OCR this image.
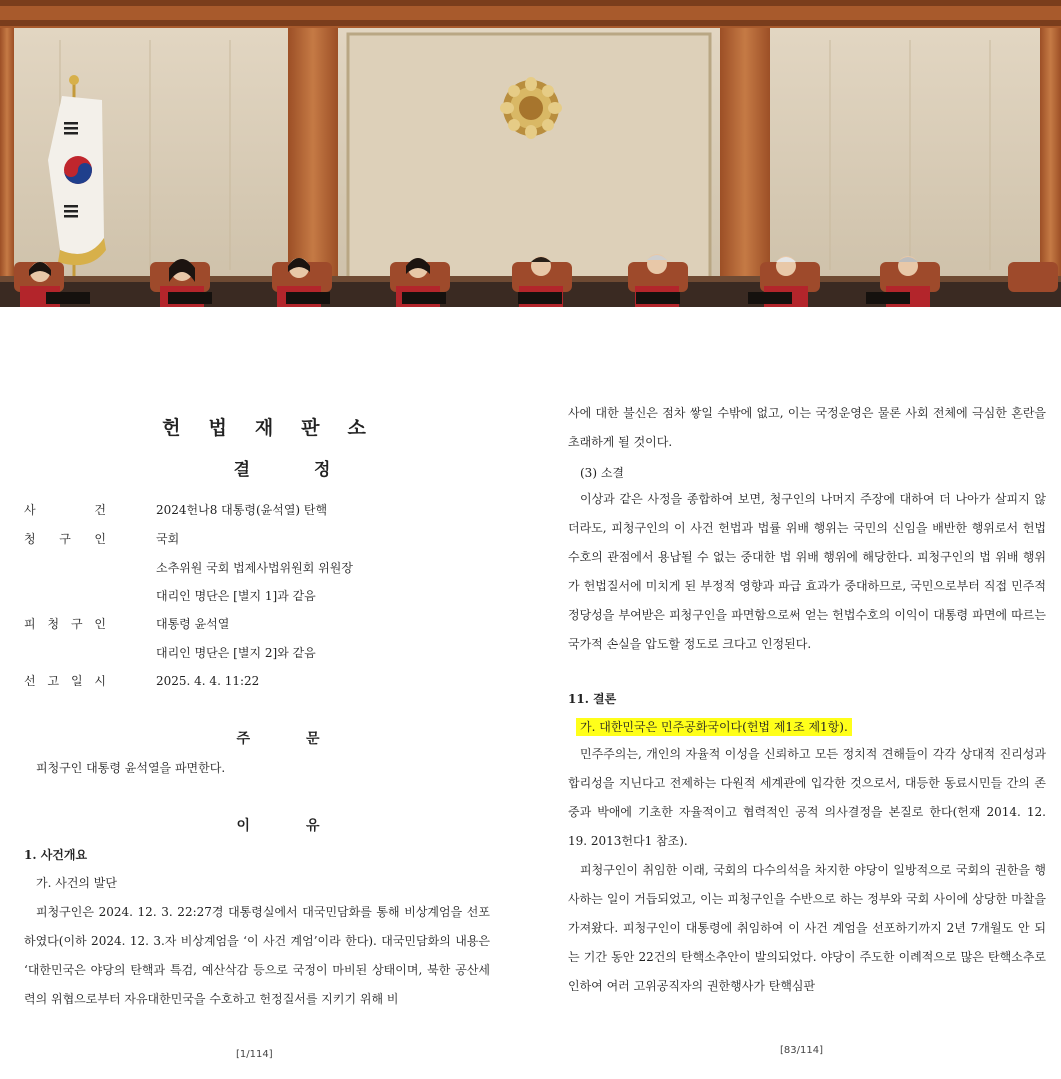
헌법재판소
결정
사	건	2024헌나8 대통령(윤석열) 탄핵
청 구 인	국회
소추위원 국회 법제사법위원회 위원장
대리인 명단은 [별지 1]과 같음
피 청 구 인	대통령 윤석열
대리인 명단은 [별지 2]와 같음
선 고 일 시	2025. 4. 4. 11:22
주문
피청구인 대통령 윤석열을 파면한다.
이유
1. 사건개요
가. 사건의 발단
피청구인은 2024. 12. 3. 22:27경 대통령실에서 대국민담화를 통해 비상계엄을 선포하였다(이하 2024. 12. 3.자 비상계엄을 ‘이 사건 계엄’이라 한다). 대국민담화의 내용은 ‘대한민국은 야당의 탄핵과 특검, 예산삭감 등으로 국정이 마비된 상태이며, 북한 공산세력의 위협으로부터 자유대한민국을 수호하고 헌정질서를 지키기 위해 비
[1/114]
사에 대한 불신은 점차 쌓일 수밖에 없고, 이는 국정운영은 물론 사회 전체에 극심한 혼란을 초래하게 될 것이다.
(3) 소결
이상과 같은 사정을 종합하여 보면, 청구인의 나머지 주장에 대하여 더 나아가 살피지 않더라도, 피청구인의 이 사건 헌법과 법률 위배 행위는 국민의 신임을 배반한 행위로서 헌법수호의 관점에서 용납될 수 없는 중대한 법 위배 행위에 해당한다. 피청구인의 법 위배 행위가 헌법질서에 미치게 된 부정적 영향과 파급 효과가 중대하므로, 국민으로부터 직접 민주적 정당성을 부여받은 피청구인을 파면함으로써 얻는 헌법수호의 이익이 대통령 파면에 따르는 국가적 손실을 압도할 정도로 크다고 인정된다.
11. 결론
가. 대한민국은 민주공화국이다(헌법 제1조 제1항).
민주주의는, 개인의 자율적 이성을 신뢰하고 모든 정치적 견해들이 각각 상대적 진리성과 합리성을 지닌다고 전제하는 다원적 세계관에 입각한 것으로서, 대등한 동료시민들 간의 존중과 박애에 기초한 자율적이고 협력적인 공적 의사결정을 본질로 한다(헌재 2014. 12. 19. 2013헌다1 참조).
피청구인이 취임한 이래, 국회의 다수의석을 차지한 야당이 일방적으로 국회의 권한을 행사하는 일이 거듭되었고, 이는 피청구인을 수반으로 하는 정부와 국회 사이에 상당한 마찰을 가져왔다. 피청구인이 대통령에 취임하여 이 사건 계엄을 선포하기까지 2년 7개월도 안 되는 기간 동안 22건의 탄핵소추안이 발의되었다. 야당이 주도한 이례적으로 많은 탄핵소추로 인하여 여러 고위공직자의 권한행사가 탄핵심판
[83/114]
